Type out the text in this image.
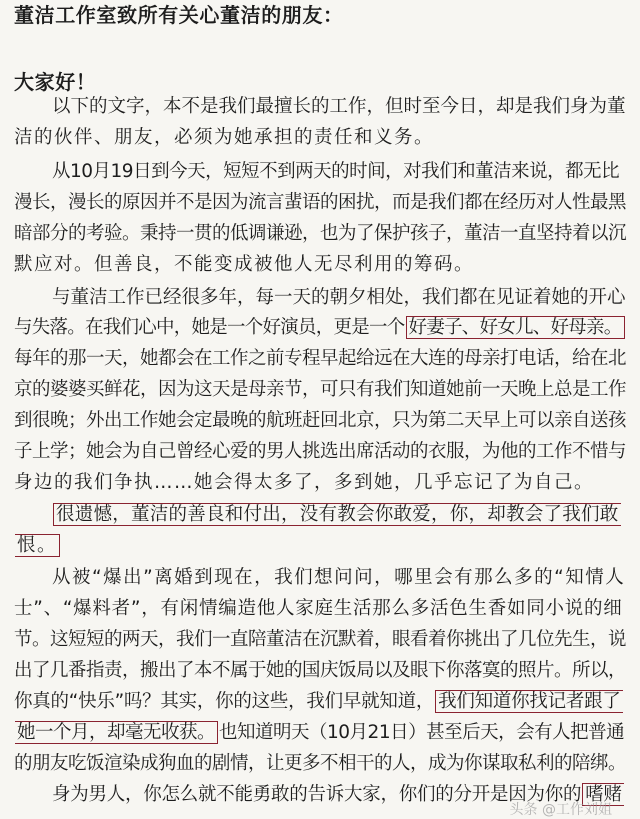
董洁工作室致所有关心董洁的朋友：
大家好！
以下的文字，本不是我们最擅长的工作，但时至今日，却是我们身为董
洁的伙伴、朋友，必须为她承担的责任和义务。
从10月19日到今天，短短不到两天的时间，对我们和董洁来说，都无比
漫长，漫长的原因并不是因为流言蜚语的困扰，而是我们都在经历对人性最黑
暗部分的考验。秉持一贯的低调谦逊，也为了保护孩子，董洁一直坚持着以沉
默应对。但善良，不能变成被他人无尽利用的筹码。
与董洁工作已经很多年，每一天的朝夕相处，我们都在见证着她的开心
与失落。在我们心中，她是一个好演员，更是一个 好妻子、好女儿、好母亲。
每年的那一天，她都会在工作之前专程早起给远在大连的母亲打电话，给在北
京的婆婆买鲜花，因为这天是母亲节，可只有我们知道她前一天晚上总是工作
到很晚；外出工作她会定最晚的航班赶回北京，只为第二天早上可以亲自送孩
子上学；她会为自己曾经心爱的男人挑选出席活动的衣服，为他的工作不惜与
身边的我们争执……她会得太多了，多到她，几乎忘记了为自己。
很遗憾，董洁的善良和付出，没有教会你敢爱，你，却教会了我们敢
恨。
从被“爆出”离婚到现在，我们想问问，哪里会有那么多的“知情人
士”、“爆料者”，有闲情编造他人家庭生活那么多活色生香如同小说的细
节。这短短的两天，我们一直陪董洁在沉默着，眼看着你挑出了几位先生，说
出了几番指责，搬出了本不属于她的国庆饭局以及眼下你落寞的照片。所以，
你真的“快乐”吗？其实，你的这些，我们早就知道， 我们知道你找记者跟了
她一个月，却毫无收获。 也知道明天（10月21日）甚至后天，会有人把普通
的朋友吃饭渲染成狗血的剧情，让更多不相干的人，成为你谋取私利的陪绑。
身为男人，你怎么就不能勇敢的告诉大家，你们的分开是因为你的 嗜赌
头条 @工作刘姐
